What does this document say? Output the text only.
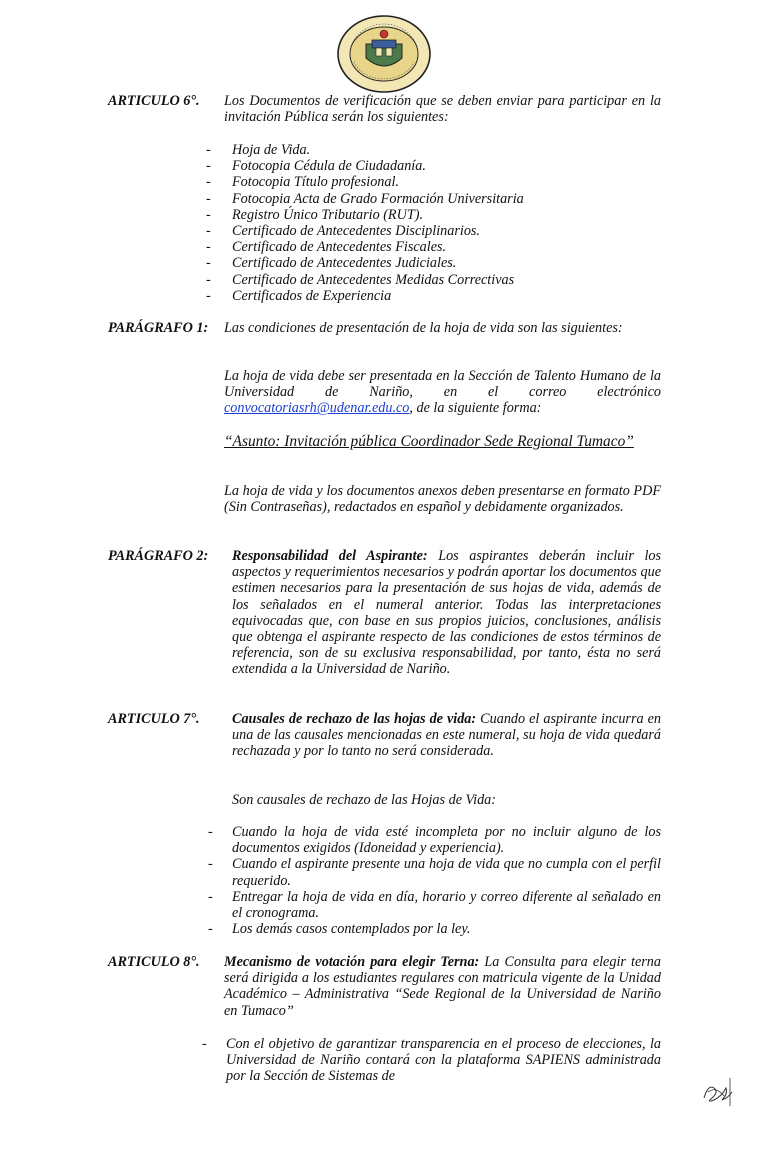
ARTICULO 6°. Los Documentos de verificación que se deben enviar para participar en la invitación Pública serán los siguientes:
- Hoja de Vida.
- Fotocopia Cédula de Ciudadanía.
- Fotocopia Título profesional.
- Fotocopia Acta de Grado Formación Universitaria
- Registro Único Tributario (RUT).
- Certificado de Antecedentes Disciplinarios.
- Certificado de Antecedentes Fiscales.
- Certificado de Antecedentes Judiciales.
- Certificado de Antecedentes Medidas Correctivas
- Certificados de Experiencia
PARÁGRAFO 1: Las condiciones de presentación de la hoja de vida son las siguientes:
La hoja de vida debe ser presentada en la Sección de Talento Humano de la Universidad de Nariño, en el correo electrónico convocatoriasrh@udenar.edu.co, de la siguiente forma:
“Asunto: Invitación pública Coordinador Sede Regional Tumaco”
La hoja de vida y los documentos anexos deben presentarse en formato PDF (Sin Contraseñas), redactados en español y debidamente organizados.
PARÁGRAFO 2: Responsabilidad del Aspirante: Los aspirantes deberán incluir los aspectos y requerimientos necesarios y podrán aportar los documentos que estimen necesarios para la presentación de sus hojas de vida, además de los señalados en el numeral anterior. Todas las interpretaciones equivocadas que, con base en sus propios juicios, conclusiones, análisis que obtenga el aspirante respecto de las condiciones de estos términos de referencia, son de su exclusiva responsabilidad, por tanto, ésta no será extendida a la Universidad de Nariño.
ARTICULO 7°. Causales de rechazo de las hojas de vida: Cuando el aspirante incurra en una de las causales mencionadas en este numeral, su hoja de vida quedará rechazada y por lo tanto no será considerada.
Son causales de rechazo de las Hojas de Vida:
- Cuando la hoja de vida esté incompleta por no incluir alguno de los documentos exigidos (Idoneidad y experiencia).
- Cuando el aspirante presente una hoja de vida que no cumpla con el perfil requerido.
- Entregar la hoja de vida en día, horario y correo diferente al señalado en el cronograma.
- Los demás casos contemplados por la ley.
ARTICULO 8°. Mecanismo de votación para elegir Terna: La Consulta para elegir terna será dirigida a los estudiantes regulares con matricula vigente de la Unidad Académico – Administrativa “Sede Regional de la Universidad de Nariño en Tumaco”
- Con el objetivo de garantizar transparencia en el proceso de elecciones, la Universidad de Nariño contará con la plataforma SAPIENS administrada por la Sección de Sistemas de
